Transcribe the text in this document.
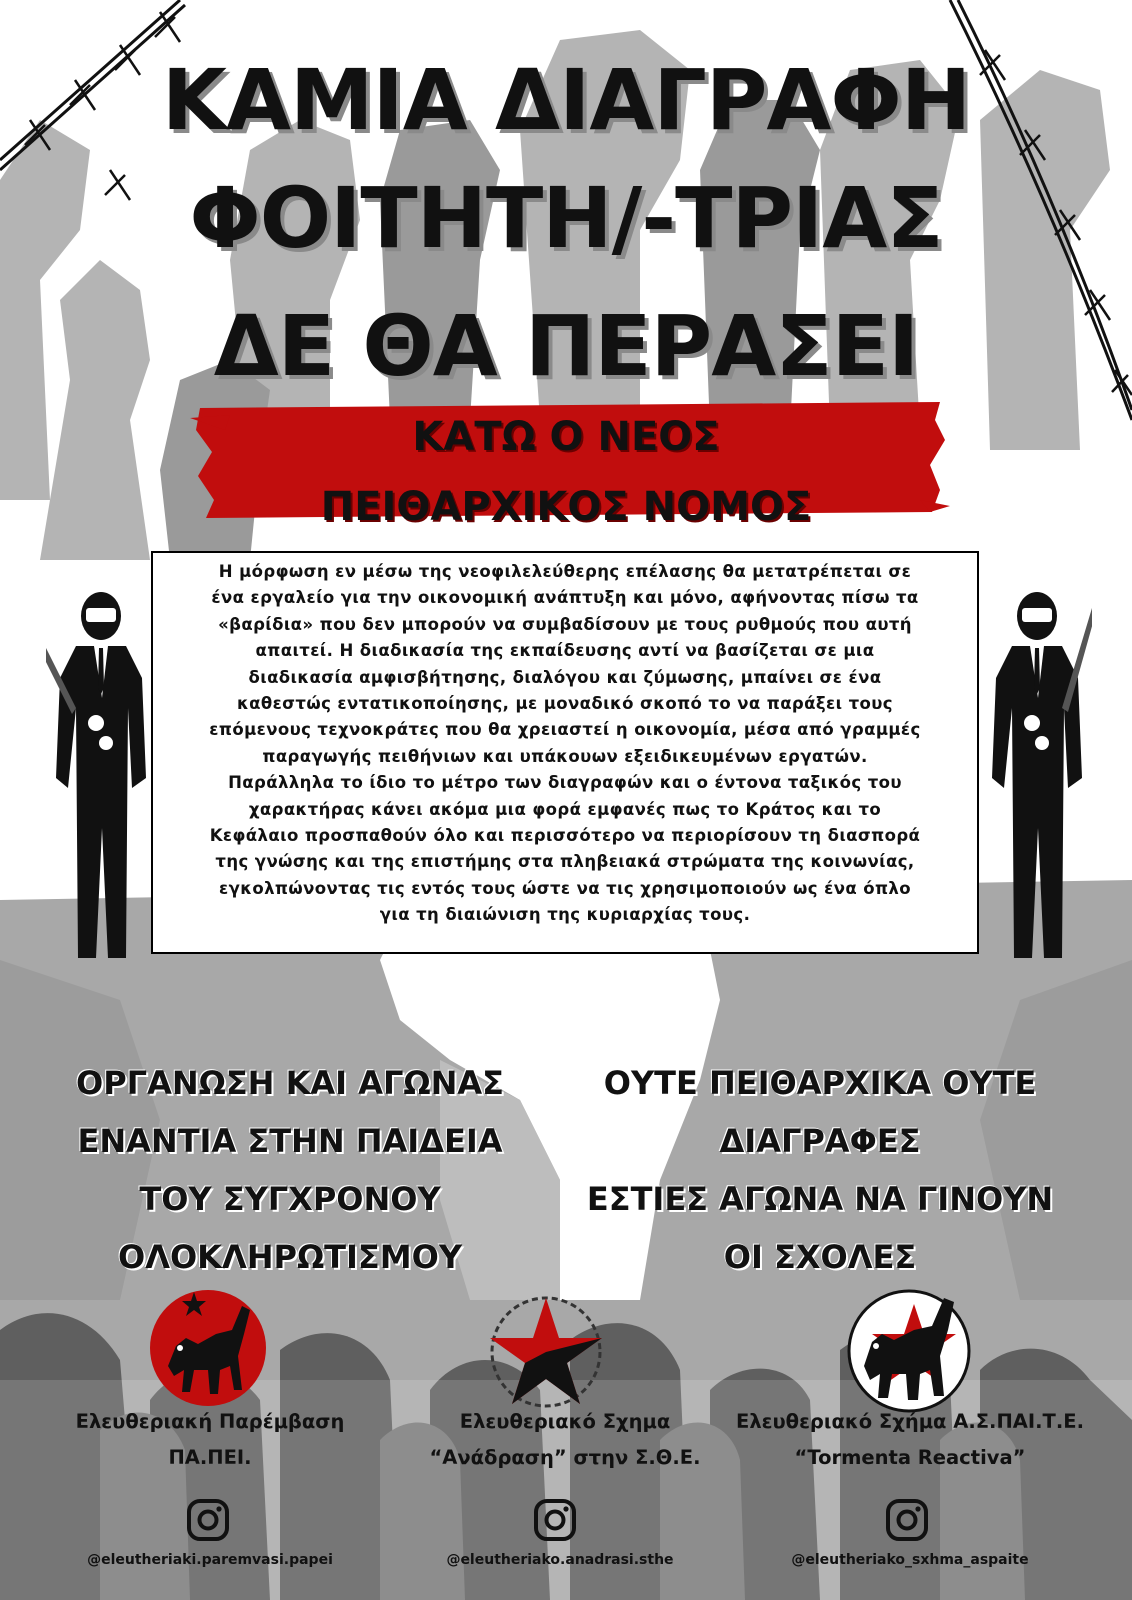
ΚΑΜΙΑ ΔΙΑΓΡΑΦΗ
ΦΟΙΤΗΤΗ/-ΤΡΙΑΣ
ΔΕ ΘΑ ΠΕΡΑΣΕΙ
ΚΑΤΩ Ο ΝΕΟΣ
ΠΕΙΘΑΡΧΙΚΟΣ ΝΟΜΟΣ
Η μόρφωση εν μέσω της νεοφιλελεύθερης επέλασης θα μετατρέπεται σε
ένα εργαλείο για την οικονομική ανάπτυξη και μόνο, αφήνοντας πίσω τα
«βαρίδια» που δεν μπορούν να συμβαδίσουν με τους ρυθμούς που αυτή
απαιτεί. Η διαδικασία της εκπαίδευσης αντί να βασίζεται σε μια
διαδικασία αμφισβήτησης, διαλόγου και ζύμωσης, μπαίνει σε ένα
καθεστώς εντατικοποίησης, με μοναδικό σκοπό το να παράξει τους
επόμενους τεχνοκράτες που θα χρειαστεί η οικονομία, μέσα από γραμμές
παραγωγής πειθήνιων και υπάκουων εξειδικευμένων εργατών.
Παράλληλα το ίδιο το μέτρο των διαγραφών και ο έντονα ταξικός του
χαρακτήρας κάνει ακόμα μια φορά εμφανές πως το Κράτος και το
Κεφάλαιο προσπαθούν όλο και περισσότερο να περιορίσουν τη διασπορά
της γνώσης και της επιστήμης στα πληβειακά στρώματα της κοινωνίας,
εγκολπώνοντας τις εντός τους ώστε να τις χρησιμοποιούν ως ένα όπλο
για τη διαιώνιση της κυριαρχίας τους.
ΟΡΓΑΝΩΣΗ ΚΑΙ ΑΓΩΝΑΣ
ΕΝΑΝΤΙΑ ΣΤΗΝ ΠΑΙΔΕΙΑ
ΤΟΥ ΣΥΓΧΡΟΝΟΥ
ΟΛΟΚΛΗΡΩΤΙΣΜΟΥ
ΟΥΤΕ ΠΕΙΘΑΡΧΙΚΑ ΟΥΤΕ
ΔΙΑΓΡΑΦΕΣ
ΕΣΤΙΕΣ ΑΓΩΝΑ ΝΑ ΓΙΝΟΥΝ
ΟΙ ΣΧΟΛΕΣ
Ελευθεριακή Παρέμβαση
ΠΑ.ΠΕΙ.
Ελευθεριακό Σχημα
“Ανάδραση” στην Σ.Θ.Ε.
Ελευθεριακό Σχήμα Α.Σ.ΠΑΙ.Τ.Ε.
“Tormenta Reactiva”
@eleutheriaki.paremvasi.papei	@eleutheriako.anadrasi.sthe	@eleutheriako_sxhma_aspaite
